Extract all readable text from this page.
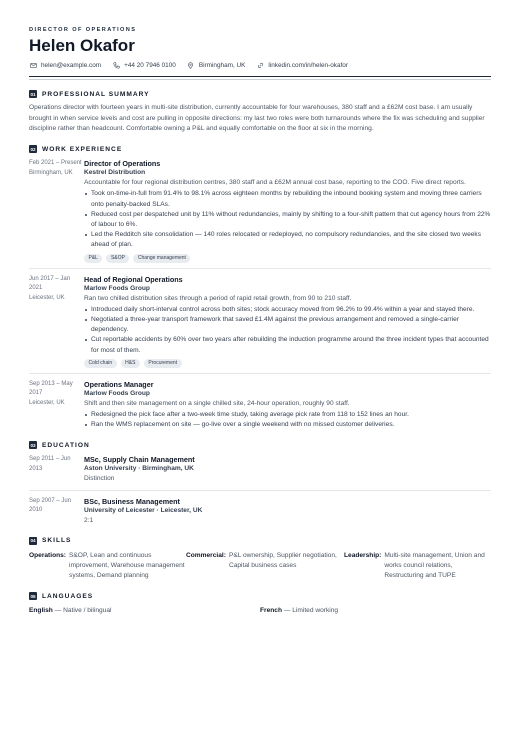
DIRECTOR OF OPERATIONS
Helen Okafor
helen@example.com	+44 20 7946 0100	Birmingham, UK	linkedin.com/in/helen-okafor
01 PROFESSIONAL SUMMARY
Operations director with fourteen years in multi-site distribution, currently accountable for four warehouses, 380 staff and a £62M cost base. I am usually brought in when service levels and cost are pulling in opposite directions: my last two roles were both turnarounds where the fix was scheduling and supplier discipline rather than headcount. Comfortable owning a P&L and equally comfortable on the floor at six in the morning.
02 WORK EXPERIENCE
Feb 2021 – Present
Birmingham, UK
Director of Operations
Kestrel Distribution
Accountable for four regional distribution centres, 380 staff and a £62M annual cost base, reporting to the COO. Five direct reports.
Took on-time-in-full from 91.4% to 98.1% across eighteen months by rebuilding the inbound booking system and moving three carriers onto penalty-backed SLAs.
Reduced cost per despatched unit by 11% without redundancies, mainly by shifting to a four-shift pattern that cut agency hours from 22% of labour to 6%.
Led the Redditch site consolidation — 140 roles relocated or redeployed, no compulsory redundancies, and the site closed two weeks ahead of plan.
P&L	S&OP	Change management
Jun 2017 – Jan 2021
Leicester, UK
Head of Regional Operations
Marlow Foods Group
Ran two chilled distribution sites through a period of rapid retail growth, from 90 to 210 staff.
Introduced daily short-interval control across both sites; stock accuracy moved from 96.2% to 99.4% within a year and stayed there.
Negotiated a three-year transport framework that saved £1.4M against the previous arrangement and removed a single-carrier dependency.
Cut reportable accidents by 60% over two years after rebuilding the induction programme around the three incident types that accounted for most of them.
Cold chain	H&S	Procurement
Sep 2013 – May 2017
Leicester, UK
Operations Manager
Marlow Foods Group
Shift and then site management on a single chilled site, 24-hour operation, roughly 90 staff.
Redesigned the pick face after a two-week time study, taking average pick rate from 118 to 152 lines an hour.
Ran the WMS replacement on site — go-live over a single weekend with no missed customer deliveries.
03 EDUCATION
Sep 2011 – Jun 2013
MSc, Supply Chain Management
Aston University · Birmingham, UK
Distinction
Sep 2007 – Jun 2010
BSc, Business Management
University of Leicester · Leicester, UK
2:1
04 SKILLS
Operations: S&OP, Lean and continuous improvement, Warehouse management systems, Demand planning
Commercial: P&L ownership, Supplier negotiation, Capital business cases
Leadership: Multi-site management, Union and works council relations, Restructuring and TUPE
05 LANGUAGES
English — Native / bilingual	French — Limited working
